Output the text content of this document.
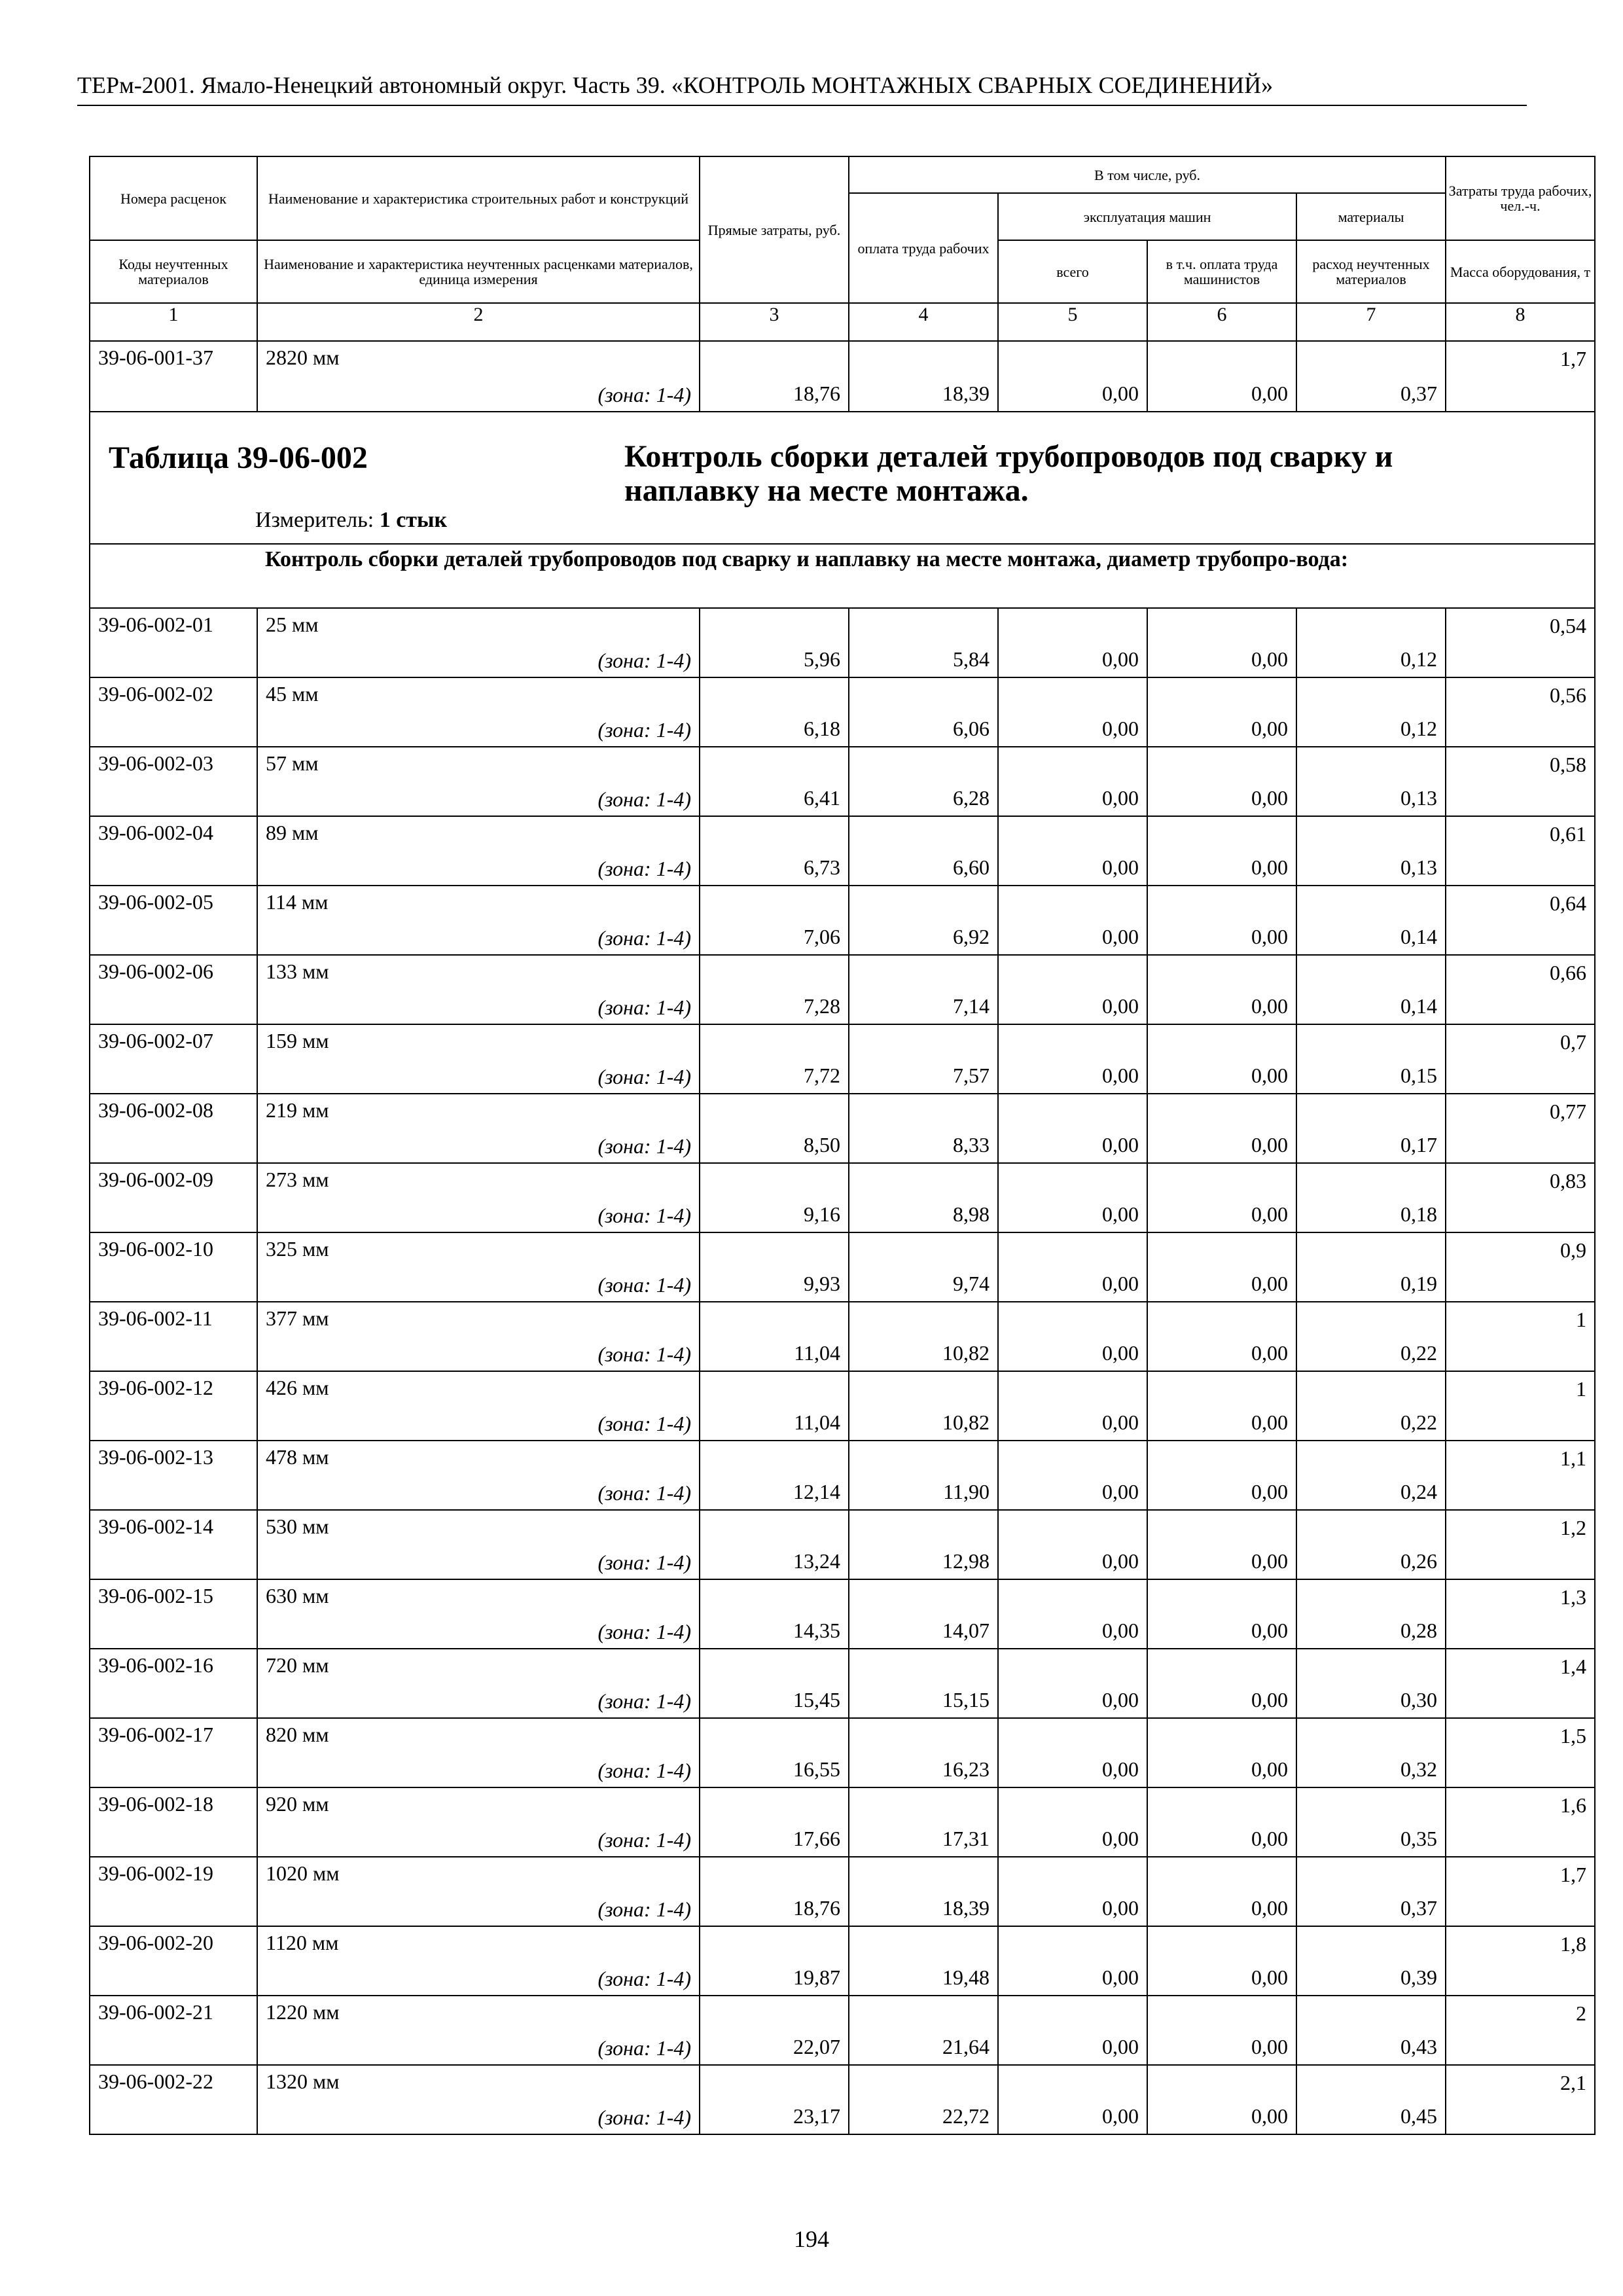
ТЕРм-2001. Ямало-Ненецкий автономный округ. Часть 39. «КОНТРОЛЬ МОНТАЖНЫХ СВАРНЫХ СОЕДИНЕНИЙ»
Номера расценок	Наименование и характеристика строительных работ и конструкций	Прямые затраты, руб.	В том числе, руб.				Затраты труда рабочих, чел.-ч.
			оплата труда рабочих	эксплуатация машин		материалы	

Коды неучтенных материалов	Наименование и характеристика неучтенных расценками материалов, единица измерения			всего	в т.ч. оплата труда машинистов	расход неучтенных материалов	Масса оборудования, т

1	2	3	4	5	6	7	8
39-06-001-37	2820 мм
(зона: 1-4)	18,76	18,39	0,00	0,00	0,37	1,7

Таблица 39-06-002 Контроль сборки деталей трубопроводов под сварку и наплавку на месте монтажа.
Измеритель: 1 стык							

	Контроль сборки деталей трубопроводов под сварку и наплавку на месте монтажа, диаметр трубопро-вода:						

39-06-002-01	25 мм
(зона: 1-4)	5,96	5,84	0,00	0,00	0,12	0,54
39-06-002-02	45 мм
(зона: 1-4)	6,18	6,06	0,00	0,00	0,12	0,56
39-06-002-03	57 мм
(зона: 1-4)	6,41	6,28	0,00	0,00	0,13	0,58
39-06-002-04	89 мм
(зона: 1-4)	6,73	6,60	0,00	0,00	0,13	0,61
39-06-002-05	114 мм
(зона: 1-4)	7,06	6,92	0,00	0,00	0,14	0,64
39-06-002-06	133 мм
(зона: 1-4)	7,28	7,14	0,00	0,00	0,14	0,66
39-06-002-07	159 мм
(зона: 1-4)	7,72	7,57	0,00	0,00	0,15	0,7
39-06-002-08	219 мм
(зона: 1-4)	8,50	8,33	0,00	0,00	0,17	0,77
39-06-002-09	273 мм
(зона: 1-4)	9,16	8,98	0,00	0,00	0,18	0,83
39-06-002-10	325 мм
(зона: 1-4)	9,93	9,74	0,00	0,00	0,19	0,9
39-06-002-11	377 мм
(зона: 1-4)	11,04	10,82	0,00	0,00	0,22	1
39-06-002-12	426 мм
(зона: 1-4)	11,04	10,82	0,00	0,00	0,22	1
39-06-002-13	478 мм
(зона: 1-4)	12,14	11,90	0,00	0,00	0,24	1,1
39-06-002-14	530 мм
(зона: 1-4)	13,24	12,98	0,00	0,00	0,26	1,2
39-06-002-15	630 мм
(зона: 1-4)	14,35	14,07	0,00	0,00	0,28	1,3
39-06-002-16	720 мм
(зона: 1-4)	15,45	15,15	0,00	0,00	0,30	1,4
39-06-002-17	820 мм
(зона: 1-4)	16,55	16,23	0,00	0,00	0,32	1,5
39-06-002-18	920 мм
(зона: 1-4)	17,66	17,31	0,00	0,00	0,35	1,6
39-06-002-19	1020 мм
(зона: 1-4)	18,76	18,39	0,00	0,00	0,37	1,7
39-06-002-20	1120 мм
(зона: 1-4)	19,87	19,48	0,00	0,00	0,39	1,8
39-06-002-21	1220 мм
(зона: 1-4)	22,07	21,64	0,00	0,00	0,43	2
39-06-002-22	1320 мм
(зона: 1-4)	23,17	22,72	0,00	0,00	0,45	2,1
194
